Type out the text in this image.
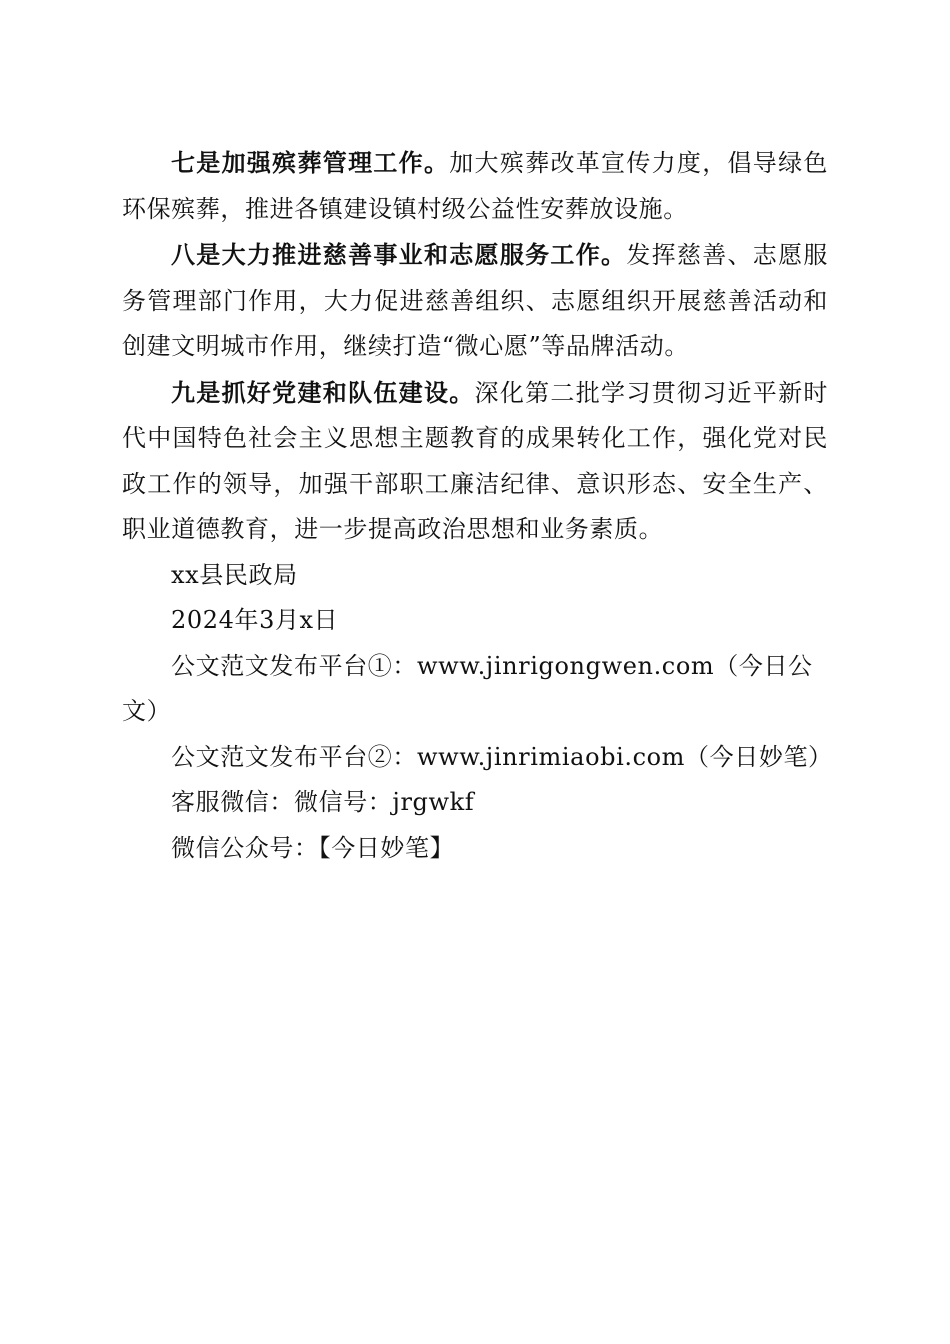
七是加强殡葬管理工作。加大殡葬改革宣传力度，倡导绿色环保殡葬，推进各镇建设镇村级公益性安葬放设施。

八是大力推进慈善事业和志愿服务工作。发挥慈善、志愿服务管理部门作用，大力促进慈善组织、志愿组织开展慈善活动和创建文明城市作用，继续打造“微心愿”等品牌活动。

九是抓好党建和队伍建设。深化第二批学习贯彻习近平新时代中国特色社会主义思想主题教育的成果转化工作，强化党对民政工作的领导，加强干部职工廉洁纪律、意识形态、安全生产、职业道德教育，进一步提高政治思想和业务素质。

xx县民政局

2024年3月x日

公文范文发布平台①：www.jinrigongwen.com（今日公文）

公文范文发布平台②：www.jinrimiaobi.com（今日妙笔）

客服微信：微信号：jrgwkf

微信公众号：【今日妙笔】
